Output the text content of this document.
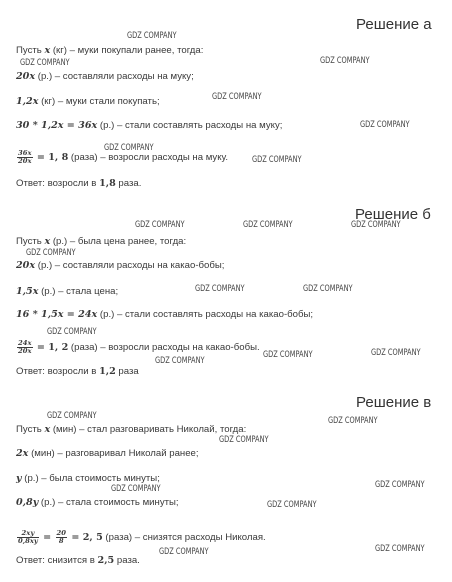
Решение а
Пусть x (кг) – муки покупали ранее, тогда:
20x (р.) – составляли расходы на муку;
1,2x (кг) – муки стали покупать;
30 * 1,2x = 36x (р.) – стали составлять расходы на муку;
$\frac{36x}{20x} = 1$, 8 (раза) – возросли расходы на муку.
Ответ: возросли в 1,8 раза.
Решение б
Пусть x (р.) – была цена ранее, тогда:
20x (р.) – составляли расходы на какао-бобы;
1,5x (р.) – стала цена;
16 * 1,5x = 24x (р.) – стали составлять расходы на какао-бобы;
$\frac{24x}{20x} = 1$, 2 (раза) – возросли расходы на какао-бобы.
Ответ: возросли в 1,2 раза
Решение в
Пусть x (мин) – стал разговаривать Николай, тогда:
2x (мин) – разговаривал Николай ранее;
y (р.) – была стоимость минуты;
0,8y (р.) – стала стоимость минуты;
$\frac{2xy}{0,8xy} = \frac{20}{8} = 2$, 5 (раза) – снизятся расходы Николая.
Ответ: снизится в 2,5 раза.
GDZ COMPANY
GDZ COMPANY	GDZ COMPANY
GDZ COMPANY
GDZ COMPANY
GDZ COMPANY
GDZ COMPANY
GDZ COMPANY	GDZ COMPANY	GDZ COMPANY
GDZ COMPANY
GDZ COMPANY	GDZ COMPANY
GDZ COMPANY
GDZ COMPANY
GDZ COMPANY
GDZ COMPANY
GDZ COMPANY	GDZ COMPANY
GDZ COMPANY
GDZ COMPANY	GDZ COMPANY
GDZ COMPANY
GDZ COMPANY	GDZ COMPANY
